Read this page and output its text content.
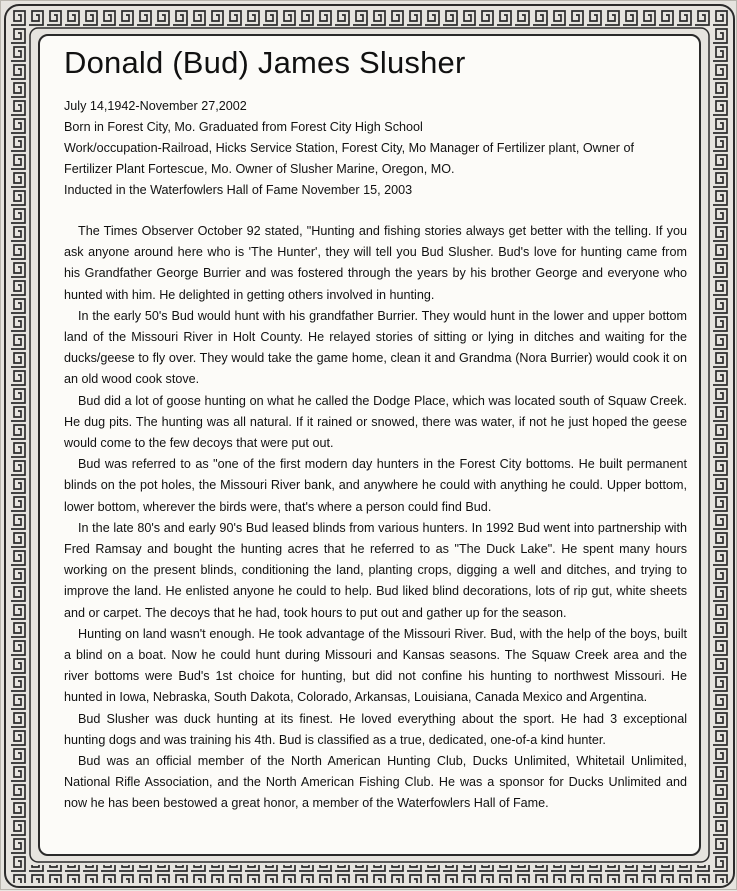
Donald (Bud) James Slusher
July 14,1942-November 27,2002
Born in Forest City, Mo. Graduated from Forest City High School
Work/occupation-Railroad, Hicks Service Station, Forest City, Mo Manager of Fertilizer plant, Owner of
Fertilizer Plant Fortescue, Mo. Owner of Slusher Marine, Oregon, MO.
Inducted in the Waterfowlers Hall of Fame November 15, 2003

The Times Observer October 92 stated, "Hunting and fishing stories always get better with the telling. If you ask anyone around here who is 'The Hunter', they will tell you Bud Slusher. Bud's love for hunting came from his Grandfather George Burrier and was fostered through the years by his brother George and everyone who hunted with him. He delighted in getting others involved in hunting.

In the early 50's Bud would hunt with his grandfather Burrier. They would hunt in the lower and upper bottom land of the Missouri River in Holt County. He relayed stories of sitting or lying in ditches and waiting for the ducks/geese to fly over. They would take the game home, clean it and Grandma (Nora Burrier) would cook it on an old wood cook stove.

Bud did a lot of goose hunting on what he called the Dodge Place, which was located south of Squaw Creek. He dug pits. The hunting was all natural. If it rained or snowed, there was water, if not he just hoped the geese would come to the few decoys that were put out.

Bud was referred to as "one of the first modern day hunters in the Forest City bottoms. He built permanent blinds on the pot holes, the Missouri River bank, and anywhere he could with anything he could. Upper bottom, lower bottom, wherever the birds were, that's where a person could find Bud.

In the late 80's and early 90's Bud leased blinds from various hunters. In 1992 Bud went into partnership with Fred Ramsay and bought the hunting acres that he referred to as "The Duck Lake". He spent many hours working on the present blinds, conditioning the land, planting crops, digging a well and ditches, and trying to improve the land. He enlisted anyone he could to help. Bud liked blind decorations, lots of rip gut, white sheets and or carpet. The decoys that he had, took hours to put out and gather up for the season.

Hunting on land wasn't enough. He took advantage of the Missouri River. Bud, with the help of the boys, built a blind on a boat. Now he could hunt during Missouri and Kansas seasons. The Squaw Creek area and the river bottoms were Bud's 1st choice for hunting, but did not confine his hunting to northwest Missouri. He hunted in Iowa, Nebraska, South Dakota, Colorado, Arkansas, Louisiana, Canada Mexico and Argentina.

Bud Slusher was duck hunting at its finest. He loved everything about the sport. He had 3 exceptional hunting dogs and was training his 4th. Bud is classified as a true, dedicated, one-of-a kind hunter.

Bud was an official member of the North American Hunting Club, Ducks Unlimited, Whitetail Unlimited, National Rifle Association, and the North American Fishing Club. He was a sponsor for Ducks Unlimited and now he has been bestowed a great honor, a member of the Waterfowlers Hall of Fame.
